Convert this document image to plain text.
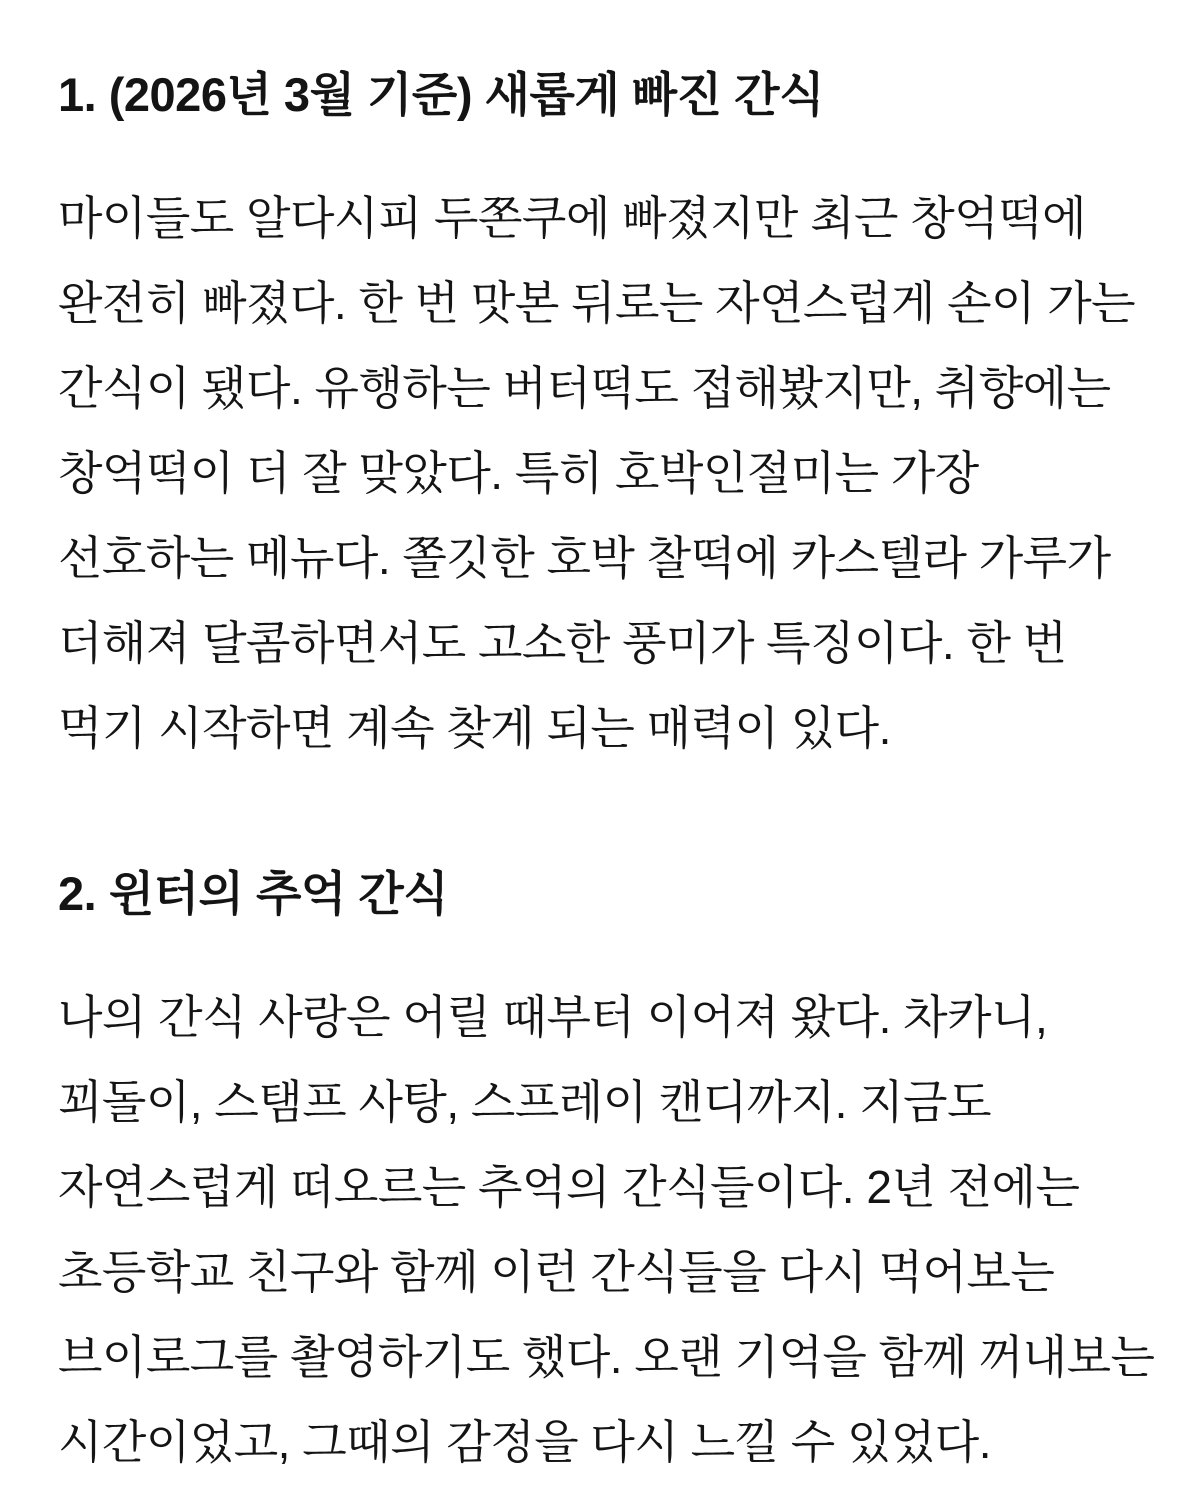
1. (2026년 3월 기준) 새롭게 빠진 간식
마이들도 알다시피 두쫀쿠에 빠졌지만 최근 창억떡에
완전히 빠졌다. 한 번 맛본 뒤로는 자연스럽게 손이 가는
간식이 됐다. 유행하는 버터떡도 접해봤지만, 취향에는
창억떡이 더 잘 맞았다. 특히 호박인절미는 가장
선호하는 메뉴다. 쫄깃한 호박 찰떡에 카스텔라 가루가
더해져 달콤하면서도 고소한 풍미가 특징이다. 한 번
먹기 시작하면 계속 찾게 되는 매력이 있다.
2. 윈터의 추억 간식
나의 간식 사랑은 어릴 때부터 이어져 왔다. 차카니,
꾀돌이, 스탬프 사탕, 스프레이 캔디까지. 지금도
자연스럽게 떠오르는 추억의 간식들이다. 2년 전에는
초등학교 친구와 함께 이런 간식들을 다시 먹어보는
브이로그를 촬영하기도 했다. 오랜 기억을 함께 꺼내보는
시간이었고, 그때의 감정을 다시 느낄 수 있었다.
